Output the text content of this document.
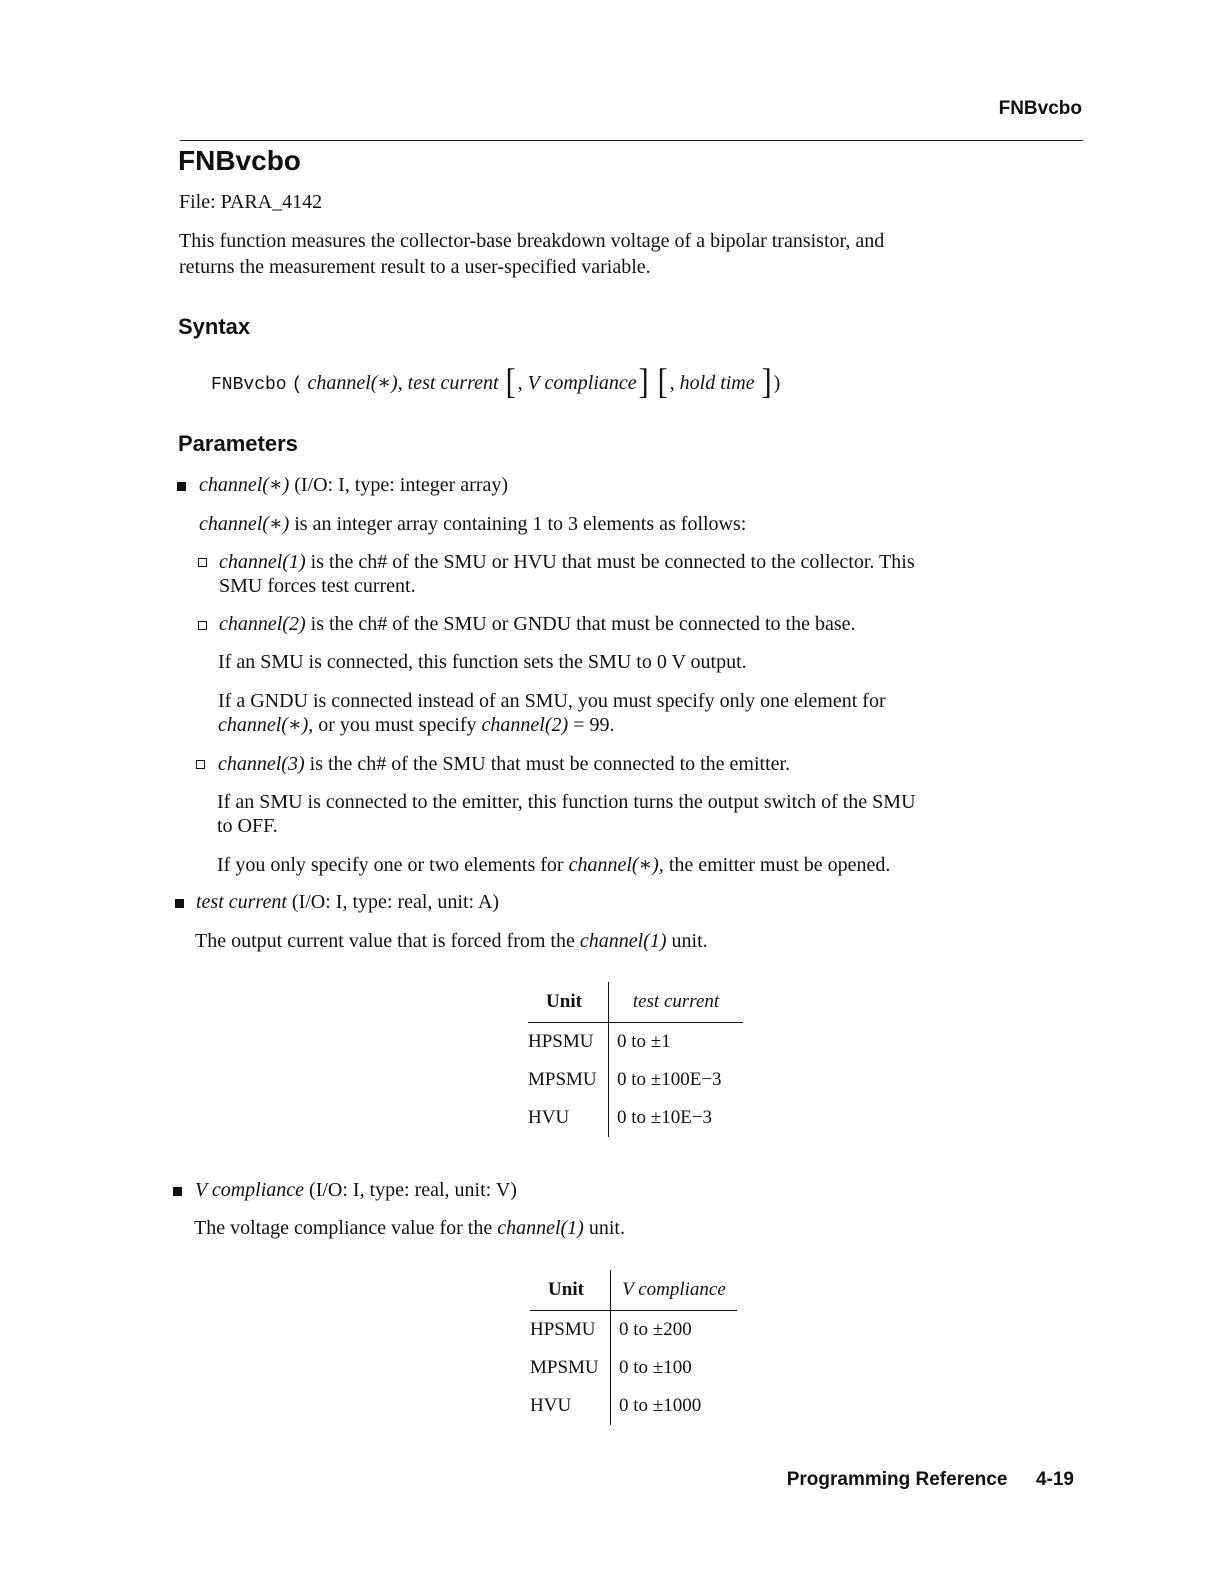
FNBvcbo
FNBvcbo
File: PARA_4142
This function measures the collector-base breakdown voltage of a bipolar transistor, and
returns the measurement result to a user-specified variable.
Syntax
FNBvcbo ( channel(∗), test current [ , V compliance] [ , hold time ] )
Parameters
channel(∗) (I/O: I, type: integer array)
channel(∗) is an integer array containing 1 to 3 elements as follows:
channel(1) is the ch# of the SMU or HVU that must be connected to the collector. This
SMU forces test current.
channel(2) is the ch# of the SMU or GNDU that must be connected to the base.
If an SMU is connected, this function sets the SMU to 0 V output.
If a GNDU is connected instead of an SMU, you must specify only one element for
channel(∗), or you must specify channel(2) = 99.
channel(3) is the ch# of the SMU that must be connected to the emitter.
If an SMU is connected to the emitter, this function turns the output switch of the SMU
to OFF.
If you only specify one or two elements for channel(∗), the emitter must be opened.
test current (I/O: I, type: real, unit: A)
The output current value that is forced from the channel(1) unit.
Unit	test current
HPSMU	0 to ±1
MPSMU	0 to ±100E−3
HVU	0 to ±10E−3
V compliance (I/O: I, type: real, unit: V)
The voltage compliance value for the channel(1) unit.
Unit	V compliance
HPSMU	0 to ±200
MPSMU	0 to ±100
HVU	0 to ±1000
Programming Reference 4-19
